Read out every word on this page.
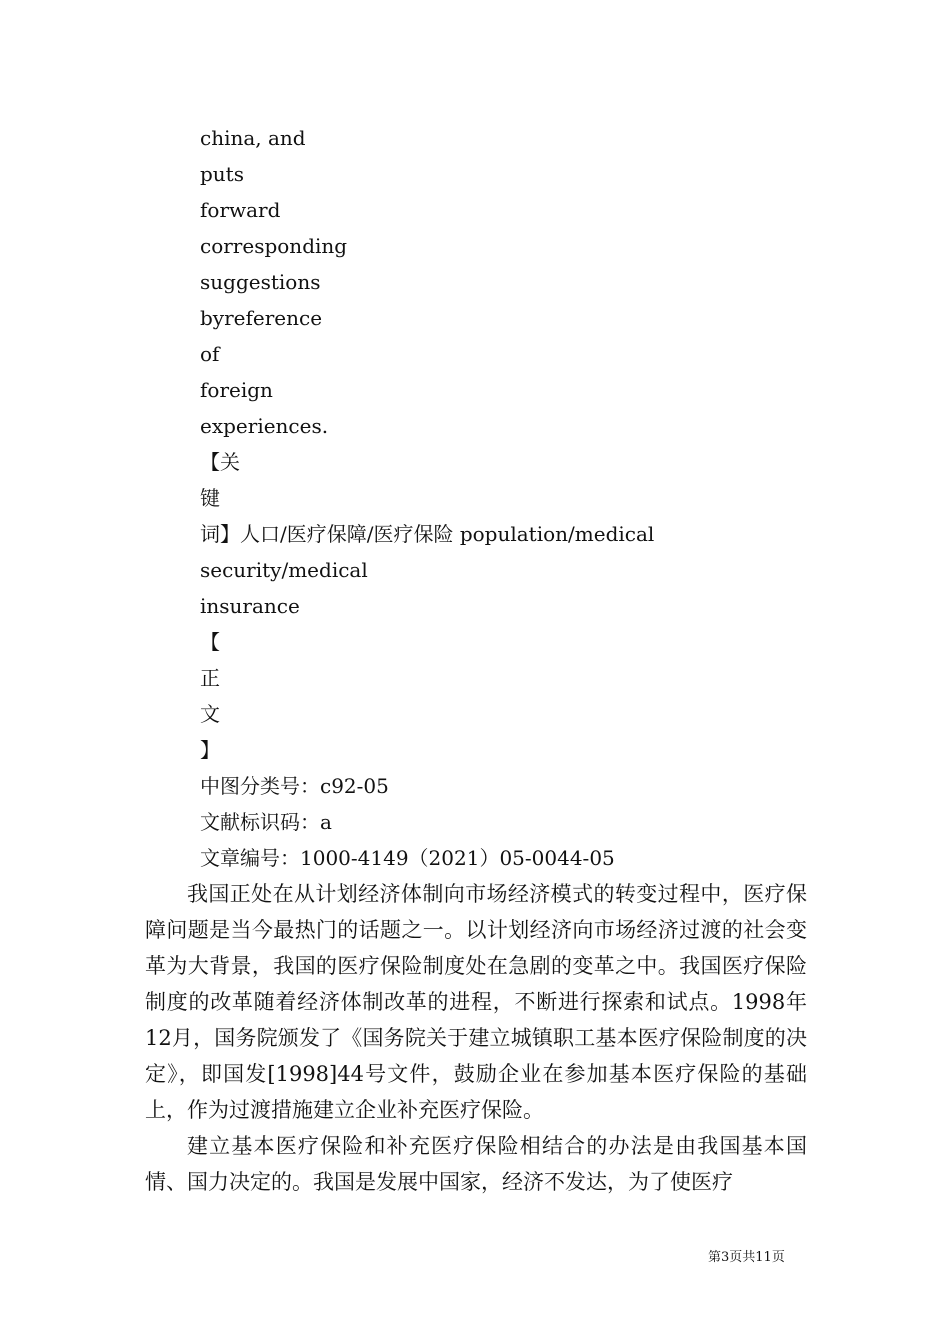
china, and
puts
forward
corresponding
suggestions
byreference
of
foreign
experiences.
【关
键
词】人口/医疗保障/医疗保险 population/medical
security/medical
insurance
【
正
文
】
中图分类号：c92-05
文献标识码：a
文章编号：1000-4149（2021）05-0044-05

我国正处在从计划经济体制向市场经济模式的转变过程中，医疗保障问题是当今最热门的话题之一。以计划经济向市场经济过渡的社会变革为大背景，我国的医疗保险制度处在急剧的变革之中。我国医疗保险制度的改革随着经济体制改革的进程，不断进行探索和试点。1998年12月，国务院颁发了《国务院关于建立城镇职工基本医疗保险制度的决定》，即国发[1998]44号文件，鼓励企业在参加基本医疗保险的基础上，作为过渡措施建立企业补充医疗保险。

建立基本医疗保险和补充医疗保险相结合的办法是由我国基本国情、国力决定的。我国是发展中国家，经济不发达，为了使医疗

第3页共11页
